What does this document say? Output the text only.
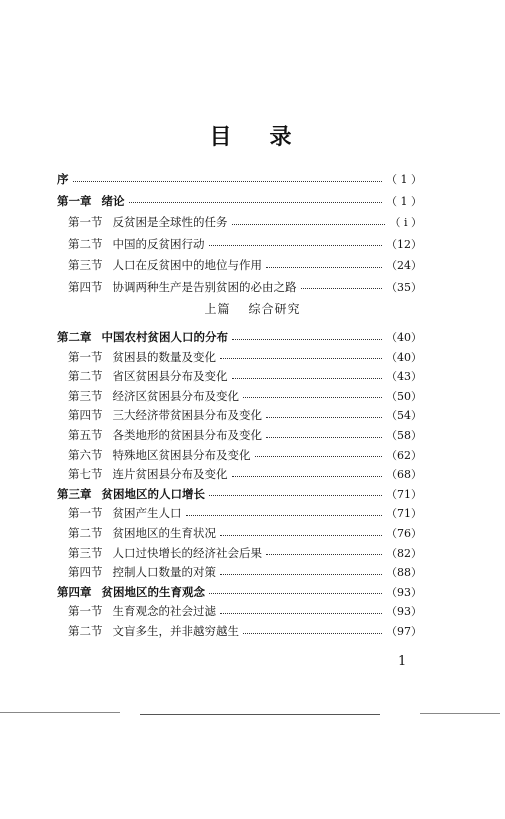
目 录
序	（ 1 ）
第一章 绪论	（ 1 ）
第一节 反贫困是全球性的任务	（ i ）
第二节 中国的反贫困行动	（12）
第三节 人口在反贫困中的地位与作用	（24）
第四节 协调两种生产是告别贫困的必由之路	（35）
上篇 综合研究
第二章 中国农村贫困人口的分布	（40）
第一节 贫困县的数量及变化	（40）
第二节 省区贫困县分布及变化	（43）
第三节 经济区贫困县分布及变化	（50）
第四节 三大经济带贫困县分布及变化	（54）
第五节 各类地形的贫困县分布及变化	（58）
第六节 特殊地区贫困县分布及变化	（62）
第七节 连片贫困县分布及变化	（68）
第三章 贫困地区的人口增长	（71）
第一节 贫困产生人口	（71）
第二节 贫困地区的生育状况	（76）
第三节 人口过快增长的经济社会后果	（82）
第四节 控制人口数量的对策	（88）
第四章 贫困地区的生育观念	（93）
第一节 生育观念的社会过滤	（93）
第二节 文盲多生，并非越穷越生	（97）
1
